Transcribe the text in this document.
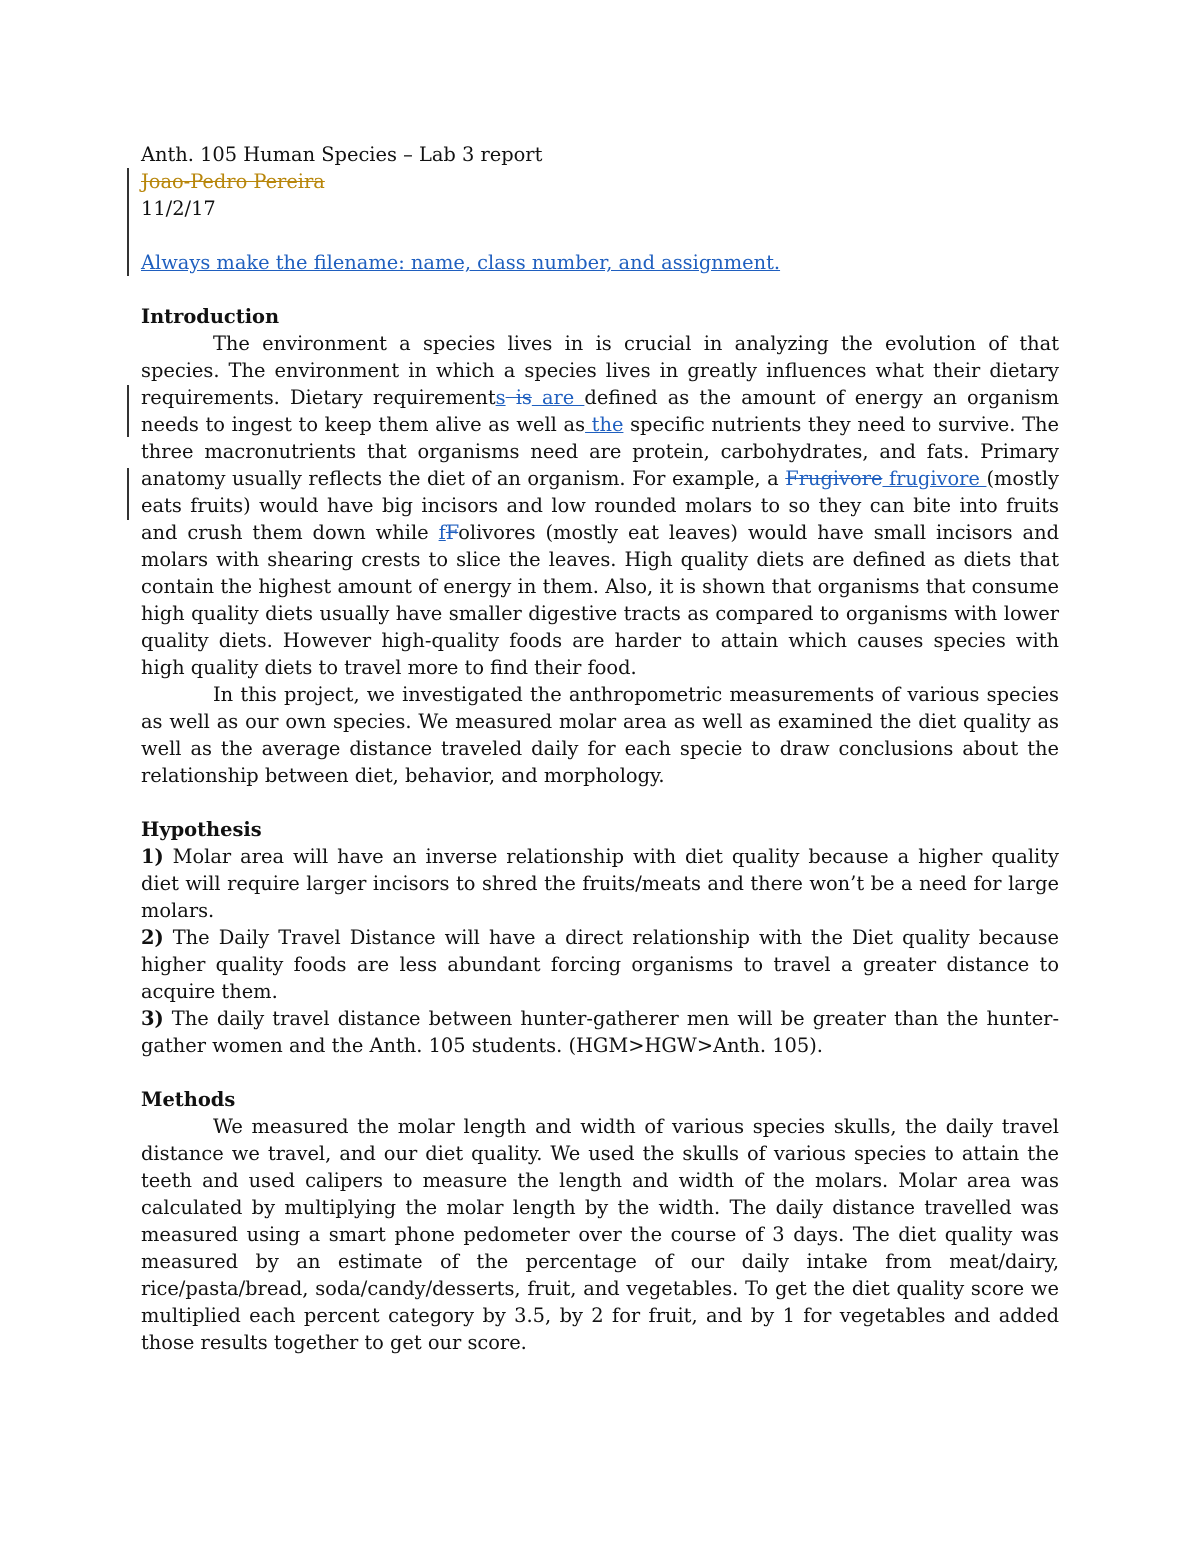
Anth. 105 Human Species – Lab 3 report
Joao-Pedro Pereira
11/2/17
Always make the filename: name, class number, and assignment.
Introduction
The environment a species lives in is crucial in analyzing the evolution of that species. The environment in which a species lives in greatly influences what their dietary requirements. Dietary requirements is are defined as the amount of energy an organism needs to ingest to keep them alive as well as the specific nutrients they need to survive. The three macronutrients that organisms need are protein, carbohydrates, and fats. Primary anatomy usually reflects the diet of an organism. For example, a Frugivore frugivore (mostly eats fruits) would have big incisors and low rounded molars to so they can bite into fruits and crush them down while fFolivores (mostly eat leaves) would have small incisors and molars with shearing crests to slice the leaves. High quality diets are defined as diets that contain the highest amount of energy in them. Also, it is shown that organisms that consume high quality diets usually have smaller digestive tracts as compared to organisms with lower quality diets. However high-quality foods are harder to attain which causes species with high quality diets to travel more to find their food.
In this project, we investigated the anthropometric measurements of various species as well as our own species. We measured molar area as well as examined the diet quality as well as the average distance traveled daily for each specie to draw conclusions about the relationship between diet, behavior, and morphology.
Hypothesis
1) Molar area will have an inverse relationship with diet quality because a higher quality diet will require larger incisors to shred the fruits/meats and there won’t be a need for large molars.
2) The Daily Travel Distance will have a direct relationship with the Diet quality because higher quality foods are less abundant forcing organisms to travel a greater distance to acquire them.
3) The daily travel distance between hunter-gatherer men will be greater than the hunter-gather women and the Anth. 105 students. (HGM>HGW>Anth. 105).
Methods
We measured the molar length and width of various species skulls, the daily travel distance we travel, and our diet quality. We used the skulls of various species to attain the teeth and used calipers to measure the length and width of the molars. Molar area was calculated by multiplying the molar length by the width. The daily distance travelled was measured using a smart phone pedometer over the course of 3 days. The diet quality was measured by an estimate of the percentage of our daily intake from meat/dairy, rice/pasta/bread, soda/candy/desserts, fruit, and vegetables. To get the diet quality score we multiplied each percent category by 3.5, by 2 for fruit, and by 1 for vegetables and added those results together to get our score.
